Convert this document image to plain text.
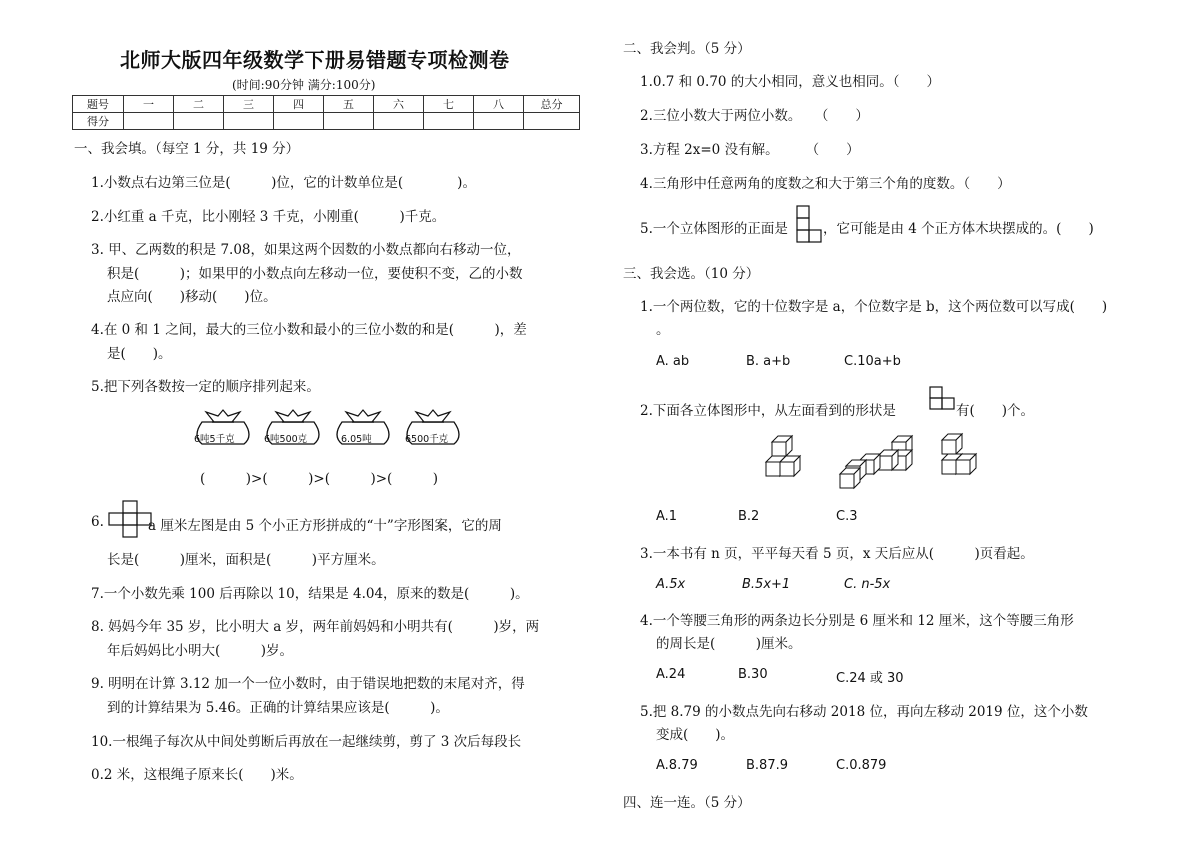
北师大版四年级数学下册易错题专项检测卷
(时间:90分钟 满分:100分)
题号	一	二	三	四	五	六	七	八	总分
得分									
一、我会填。（每空 1 分，共 19 分）
1.小数点右边第三位是(　　　)位，它的计数单位是(　　　　)。
2.小红重 a 千克，比小刚轻 3 千克，小刚重(　　　)千克。
3. 甲、乙两数的积是 7.08，如果这两个因数的小数点都向右移动一位，
积是(　　　)；如果甲的小数点向左移动一位，要使积不变，乙的小数
点应向(　　)移动(　　)位。
4.在 0 和 1 之间，最大的三位小数和最小的三位小数的和是(　　　)，差
是(　　)。
5.把下列各数按一定的顺序排列起来。
6吨5千克	6吨500克	6.05吨	6500千克
(　　　)>(　　　)>(　　　)>(　　　)
6.	a 厘米左图是由 5 个小正方形拼成的“十”字形图案，它的周
长是(　　　)厘米，面积是(　　　)平方厘米。
7.一个小数先乘 100 后再除以 10，结果是 4.04，原来的数是(　　　)。
8. 妈妈今年 35 岁，比小明大 a 岁，两年前妈妈和小明共有(　　　)岁，两
年后妈妈比小明大(　　　)岁。
9. 明明在计算 3.12 加一个一位小数时，由于错误地把数的末尾对齐，得
到的计算结果为 5.46。正确的计算结果应该是(　　　)。
10.一根绳子每次从中间处剪断后再放在一起继续剪，剪了 3 次后每段长
0.2 米，这根绳子原来长(　　)米。
二、我会判。（5 分）
1.0.7 和 0.70 的大小相同，意义也相同。（　　）
2.三位小数大于两位小数。　　（　　）
3.方程 2x=0 没有解。　　　（　　）
4.三角形中任意两角的度数之和大于第三个角的度数。（　　）
5.一个立体图形的正面是	，它可能是由 4 个正方体木块摆成的。(　　)
三、我会选。（10 分）
1.一个两位数，它的十位数字是 a，个位数字是 b，这个两位数可以写成(　　)
。
A. ab	B. a+b	C.10a+b
2.下面各立体图形中，从左面看到的形状是	有(　　)个。
A.1	B.2	C.3
3.一本书有 n 页，平平每天看 5 页，x 天后应从(　　　)页看起。
A.5x	B.5x+1	C. n-5x
4.一个等腰三角形的两条边长分别是 6 厘米和 12 厘米，这个等腰三角形
的周长是(　　　)厘米。
A.24	B.30	C.24 或 30
5.把 8.79 的小数点先向右移动 2018 位，再向左移动 2019 位，这个小数
变成(　　)。
A.8.79	B.87.9	C.0.879
四、连一连。（5 分）
